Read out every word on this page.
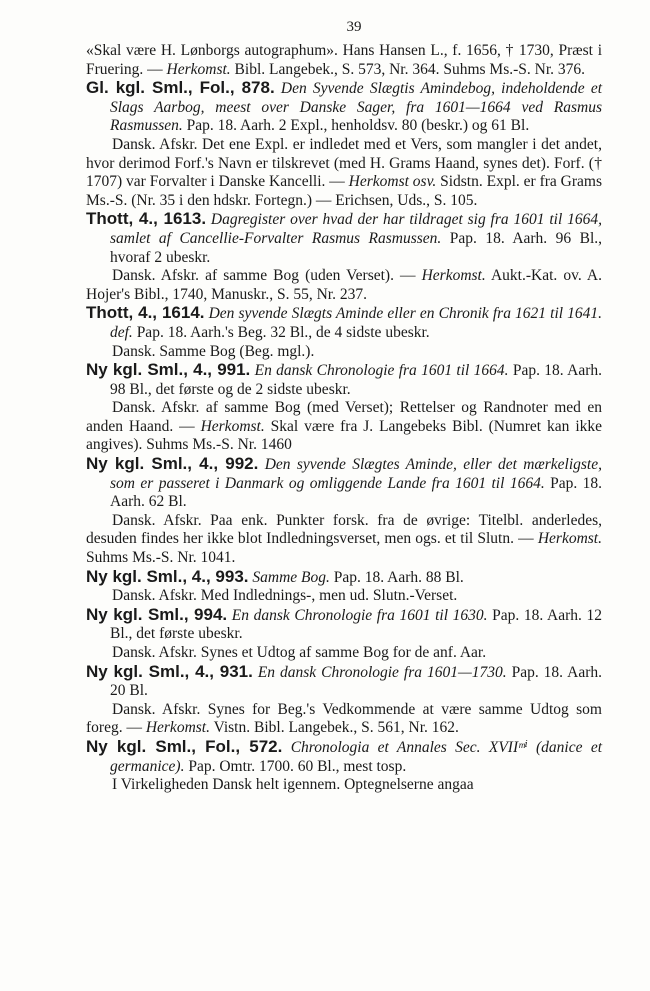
39

«Skal være H. Lønborgs autographum». Hans Hansen L., f. 1656, † 1730, Præst i Fruering. — Herkomst. Bibl. Langebek., S. 573, Nr. 364. Suhms Ms.-S. Nr. 376.

Gl. kgl. Sml., Fol., 878. Den Syvende Slægtis Amindebog, indeholdende et Slags Aarbog, meest over Danske Sager, fra 1601—1664 ved Rasmus Rasmussen. Pap. 18. Aarh. 2 Expl., henholdsv. 80 (beskr.) og 61 Bl.

Dansk. Afskr. Det ene Expl. er indledet med et Vers, som mangler i det andet, hvor derimod Forf.'s Navn er tilskrevet (med H. Grams Haand, synes det). Forf. († 1707) var Forvalter i Danske Kancelli. — Herkomst osv. Sidstn. Expl. er fra Grams Ms.-S. (Nr. 35 i den hdskr. Fortegn.) — Erichsen, Uds., S. 105.

Thott, 4., 1613. Dagregister over hvad der har tildraget sig fra 1601 til 1664, samlet af Cancellie-Forvalter Rasmus Rasmussen. Pap. 18. Aarh. 96 Bl., hvoraf 2 ubeskr.

Dansk. Afskr. af samme Bog (uden Verset). — Herkomst. Aukt.-Kat. ov. A. Hojer's Bibl., 1740, Manuskr., S. 55, Nr. 237.

Thott, 4., 1614. Den syvende Slægts Aminde eller en Chronik fra 1621 til 1641. def. Pap. 18. Aarh.'s Beg. 32 Bl., de 4 sidste ubeskr.

Dansk. Samme Bog (Beg. mgl.).

Ny kgl. Sml., 4., 991. En dansk Chronologie fra 1601 til 1664. Pap. 18. Aarh. 98 Bl., det første og de 2 sidste ubeskr.

Dansk. Afskr. af samme Bog (med Verset); Rettelser og Randnoter med en anden Haand. — Herkomst. Skal være fra J. Langebeks Bibl. (Numret kan ikke angives). Suhms Ms.-S. Nr. 1460

Ny kgl. Sml., 4., 992. Den syvende Slægtes Aminde, eller det mærkeligste, som er passeret i Danmark og omliggende Lande fra 1601 til 1664. Pap. 18. Aarh. 62 Bl.

Dansk. Afskr. Paa enk. Punkter forsk. fra de øvrige: Titelbl. anderledes, desuden findes her ikke blot Indledningsverset, men ogs. et til Slutn. — Herkomst. Suhms Ms.-S. Nr. 1041.

Ny kgl. Sml., 4., 993. Samme Bog. Pap. 18. Aarh. 88 Bl.

Dansk. Afskr. Med Indlednings-, men ud. Slutn.-Verset.

Ny kgl. Sml., 994. En dansk Chronologie fra 1601 til 1630. Pap. 18. Aarh. 12 Bl., det første ubeskr.

Dansk. Afskr. Synes et Udtog af samme Bog for de anf. Aar.

Ny kgl. Sml., 4., 931. En dansk Chronologie fra 1601—1730. Pap. 18. Aarh. 20 Bl.

Dansk. Afskr. Synes for Beg.'s Vedkommende at være samme Udtog som foreg. — Herkomst. Vistn. Bibl. Langebek., S. 561, Nr. 162.

Ny kgl. Sml., Fol., 572. Chronologia et Annales Sec. XVIIᵐⁱ (danice et germanice). Pap. Omtr. 1700. 60 Bl., mest tosp.

I Virkeligheden Dansk helt igennem. Optegnelserne angaa
